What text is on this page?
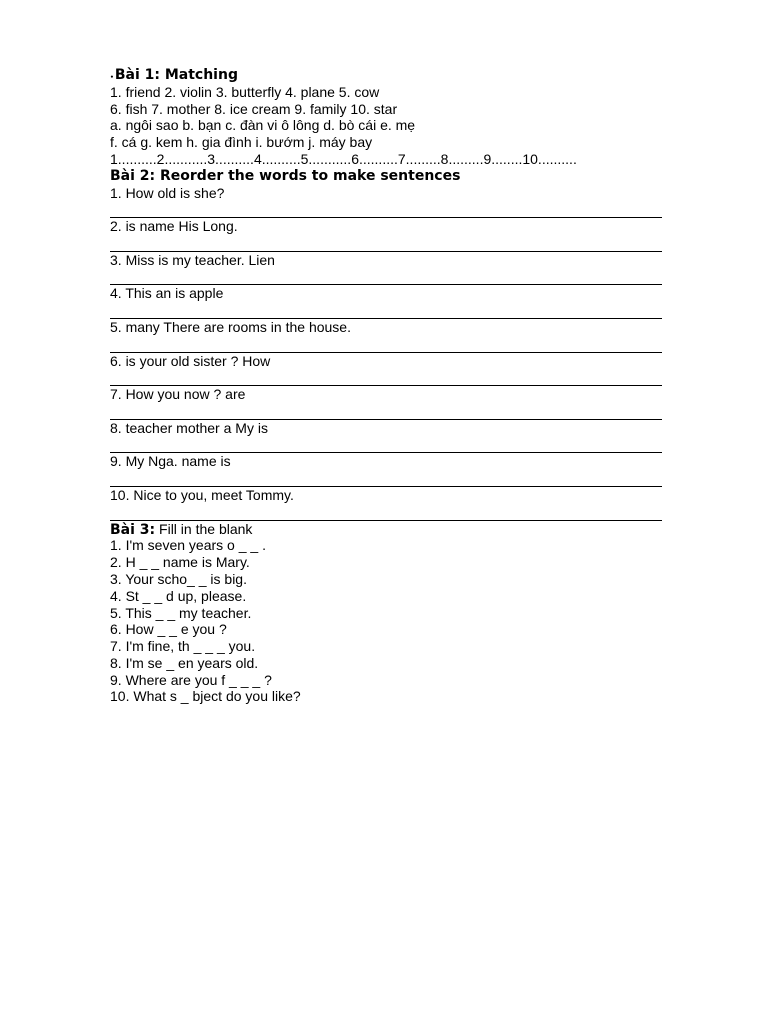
•Bài 1: Matching
1. friend 2. violin 3. butterfly 4. plane 5. cow
6. fish 7. mother 8. ice cream 9. family 10. star
a. ngôi sao b. bạn c. đàn vi ô lông d. bò cái e. mẹ
f. cá g. kem h. gia đình i. bướm j. máy bay
1..........2...........3..........4..........5...........6..........7.........8.........9........10..........
Bài 2: Reorder the words to make sentences
1. How old is she?
2. is name His Long.
3. Miss is my teacher. Lien
4. This an is apple
5. many There are rooms in the house.
6. is your old sister ? How
7. How you now ? are
8. teacher mother a My is
9. My Nga. name is
10. Nice to you, meet Tommy.
Bài 3: Fill in the blank
1. I'm seven years o _ _ .
2. H _ _ name is Mary.
3. Your scho_ _ is big.
4. St _ _ d up, please.
5. This _ _ my teacher.
6. How _ _ e you ?
7. I'm fine, th _ _ _ you.
8. I'm se _ en years old.
9. Where are you f _ _ _ ?
10. What s _ bject do you like?
